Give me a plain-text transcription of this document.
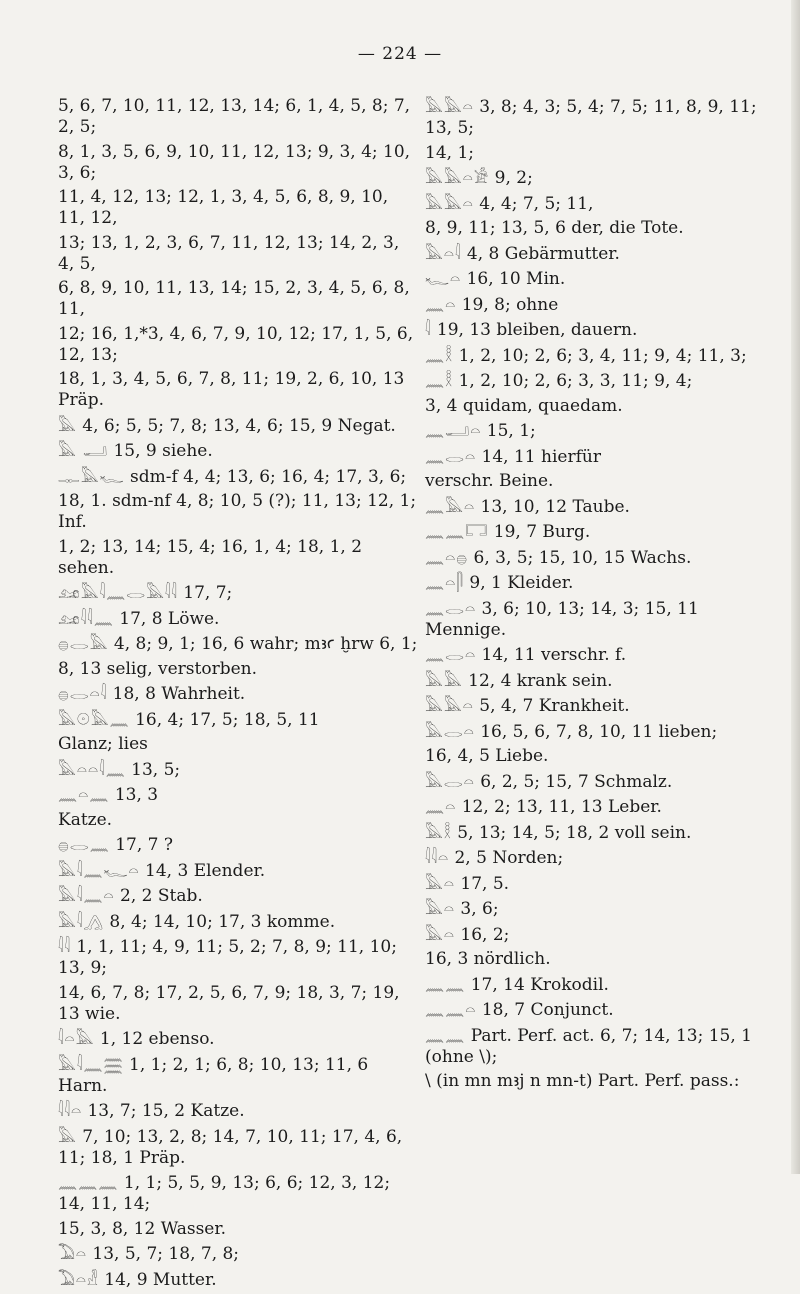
— 224 —
5, 6, 7, 10, 11, 12, 13, 14; 6, 1, 4, 5, 8; 7, 2, 5;
8, 1, 3, 5, 6, 9, 10, 11, 12, 13; 9, 3, 4; 10, 3, 6;
11, 4, 12, 13; 12, 1, 3, 4, 5, 6, 8, 9, 10, 11, 12,
13; 13, 1, 2, 3, 6, 7, 11, 12, 13; 14, 2, 3, 4, 5,
6, 8, 9, 10, 11, 13, 14; 15, 2, 3, 4, 5, 6, 8, 11,
12; 16, 1,*3, 4, 6, 7, 9, 10, 12; 17, 1, 5, 6, 12, 13;
18, 1, 3, 4, 5, 6, 7, 8, 11; 19, 2, 6, 10, 13 Präp.
𓅓 4, 6; 5, 5; 7, 8; 13, 4, 6; 15, 9 Negat.
𓅓 𓂝 15, 9 siehe.
𓊃𓅓𓆑 sdm-f 4, 4; 13, 6; 16, 4; 17, 3, 6;
18, 1. sdm-nf 4, 8; 10, 5 (?); 11, 13; 12, 1; Inf.
1, 2; 13, 14; 15, 4; 16, 1, 4; 18, 1, 2 sehen.
𓃭𓅓𓇋𓈖𓂋𓅓𓇋𓇋 17, 7;
𓃭𓇋𓇋𓈖 17, 8 Löwe.
𓐍𓂋𓅓 4, 8; 9, 1; 16, 6 wahr; mꜣꜥ ḫrw 6, 1;
8, 13 selig, verstorben.
𓐍𓂋𓏏𓇋 18, 8 Wahrheit.
𓅓𓇳𓅓𓈖 16, 4; 17, 5; 18, 5, 11
Glanz; lies
𓅓𓏏𓏏𓇋𓈖 13, 5;
𓈖𓏏𓈖 13, 3
Katze.
𓐍𓂋𓈖 17, 7 ?
𓅓𓇋𓈖𓆑𓏏 14, 3 Elender.
𓅓𓇋𓈖𓏏 2, 2 Stab.
𓅓𓇋𓂻 8, 4; 14, 10; 17, 3 komme.
𓇋𓇋 1, 1, 11; 4, 9, 11; 5, 2; 7, 8, 9; 11, 10; 13, 9;
14, 6, 7, 8; 17, 2, 5, 6, 7, 9; 18, 3, 7; 19, 13 wie.
𓇋𓏏𓅓 1, 12 ebenso.
𓅓𓇋𓈖𓈗 1, 1; 2, 1; 6, 8; 10, 13; 11, 6 Harn.
𓇋𓇋𓏏 13, 7; 15, 2 Katze.
𓅓 7, 10; 13, 2, 8; 14, 7, 10, 11; 17, 4, 6, 11; 18, 1 Präp.
𓈖𓈖𓈖 1, 1; 5, 5, 9, 13; 6, 6; 12, 3, 12; 14, 11, 14;
15, 3, 8, 12 Wasser.
𓅐𓏏 13, 5, 7; 18, 7, 8;
𓅐𓏏𓁐 14, 9 Mutter.
𓅓𓅓𓏏 3, 8; 4, 3; 5, 4; 7, 5; 11, 8, 9, 11; 13, 5;
14, 1;
𓅓𓅓𓏏𓀀 9, 2;
𓅓𓅓𓏏 4, 4; 7, 5; 11,
8, 9, 11; 13, 5, 6 der, die Tote.
𓅓𓏏𓇋 4, 8 Gebärmutter.
𓆑𓏏 16, 10 Min.
𓈖𓏏 19, 8; ohne
𓇋 19, 13 bleiben, dauern.
𓈖𓎛 1, 2, 10; 2, 6; 3, 4, 11; 9, 4; 11, 3;
𓈖𓎛 1, 2, 10; 2, 6; 3, 3, 11; 9, 4;
3, 4 quidam, quaedam.
𓈖𓂝𓏏 15, 1;
𓈖𓂋𓏏 14, 11 hierfür
verschr. Beine.
𓈖𓅓𓏏 13, 10, 12 Taube.
𓈖𓈖𓉐 19, 7 Burg.
𓈖𓏏𓐍 6, 3, 5; 15, 10, 15 Wachs.
𓈖𓏏𓋴 9, 1 Kleider.
𓈖𓂋𓏏 3, 6; 10, 13; 14, 3; 15, 11 Mennige.
𓈖𓂋𓏏 14, 11 verschr. f.
𓅓𓅓 12, 4 krank sein.
𓅓𓅓𓏏 5, 4, 7 Krankheit.
𓅓𓂋𓏏 16, 5, 6, 7, 8, 10, 11 lieben;
16, 4, 5 Liebe.
𓅓𓂋𓏏 6, 2, 5; 15, 7 Schmalz.
𓈖𓏏 12, 2; 13, 11, 13 Leber.
𓅓𓎛 5, 13; 14, 5; 18, 2 voll sein.
𓇋𓇋𓏏 2, 5 Norden;
𓅓𓏏 17, 5.
𓅓𓏏 3, 6;
𓅓𓏏 16, 2;
16, 3 nördlich.
𓈖𓈖 17, 14 Krokodil.
𓈖𓈖𓏏 18, 7 Conjunct.
𓈖𓈖 Part. Perf. act. 6, 7; 14, 13; 15, 1 (ohne \);
\ (in mn mꜣj n mn-t) Part. Perf. pass.:
